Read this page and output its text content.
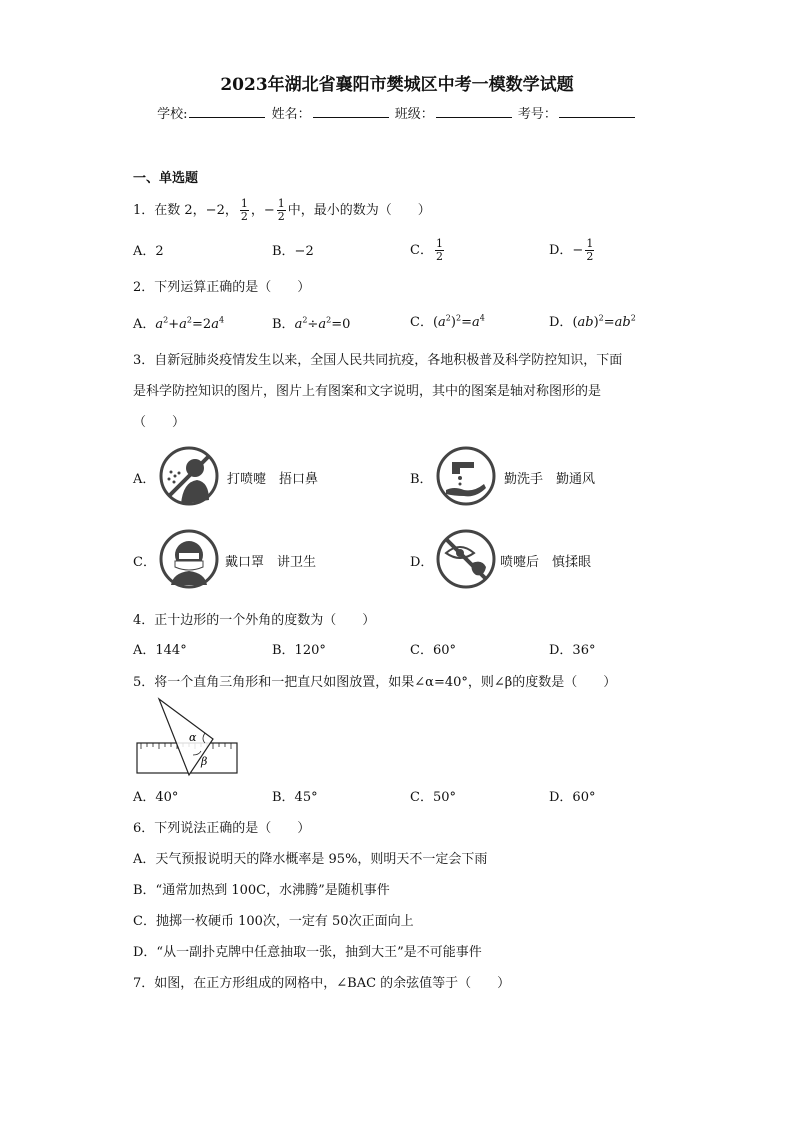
2023年湖北省襄阳市樊城区中考一模数学试题
学校:	姓名：	班级：	考号：
一、单选题
1．在数 2，−2， $\frac{1}{2}$ ，− $\frac{1}{2}$ 中，最小的数为（　　）
A．2	B．−2	C． $\frac{1}{2}$	D．− $\frac{1}{2}$
2．下列运算正确的是（　　）
A．$a^2+a^2=2a^4$	B．$a^2\div a^2=0$	C．$(a^2)^2=a^4$	D．$(ab)^2=ab^2$
3．自新冠肺炎疫情发生以来，全国人民共同抗疫，各地积极普及科学防控知识，下面
是科学防控知识的图片，图片上有图案和文字说明，其中的图案是轴对称图形的是
（　　）
A．	打喷嚏　捂口鼻	B．	勤洗手　勤通风
C．	戴口罩　讲卫生	D．	喷嚏后　慎揉眼
4．正十边形的一个外角的度数为（　　）
A．144°	B．120°	C．60°	D．36°
5．将一个直角三角形和一把直尺如图放置，如果∠α=40°，则∠β的度数是（　　）
α
β
A．40°	B．45°	C．50°	D．60°
6．下列说法正确的是（　　）
A．天气预报说明天的降水概率是 95%，则明天不一定会下雨
B．“通常加热到 100C，水沸腾”是随机事件
C．抛掷一枚硬币 100次，一定有 50次正面向上
D．“从一副扑克牌中任意抽取一张，抽到大王”是不可能事件
7．如图，在正方形组成的网格中，∠BAC 的余弦值等于（　　）
